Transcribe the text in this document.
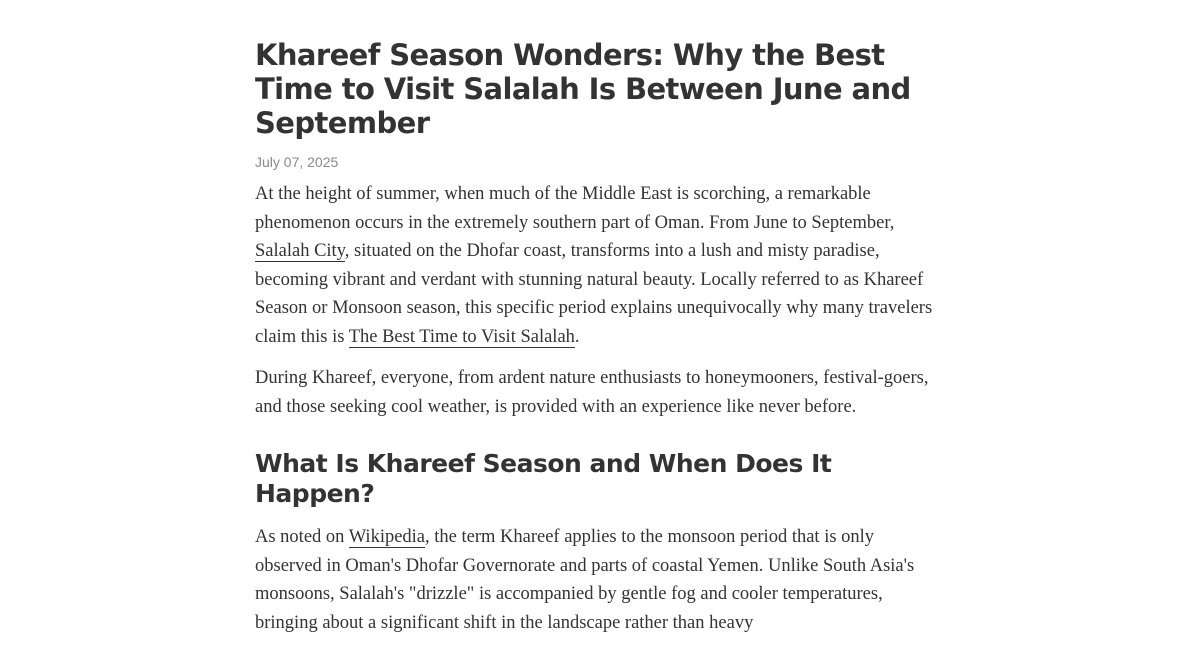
Khareef Season Wonders: Why the Best Time to Visit Salalah Is Between June and September
July 07, 2025

At the height of summer, when much of the Middle East is scorching, a remarkable phenomenon occurs in the extremely southern part of Oman. From June to September, Salalah City, situated on the Dhofar coast, transforms into a lush and misty paradise, becoming vibrant and verdant with stunning natural beauty. Locally referred to as Khareef Season or Monsoon season, this specific period explains unequivocally why many travelers claim this is The Best Time to Visit Salalah.

During Khareef, everyone, from ardent nature enthusiasts to honeymooners, festival-goers, and those seeking cool weather, is provided with an experience like never before.

What Is Khareef Season and When Does It Happen?

As noted on Wikipedia, the term Khareef applies to the monsoon period that is only observed in Oman's Dhofar Governorate and parts of coastal Yemen. Unlike South Asia's monsoons, Salalah's "drizzle" is accompanied by gentle fog and cooler temperatures, bringing about a significant shift in the landscape rather than heavy
